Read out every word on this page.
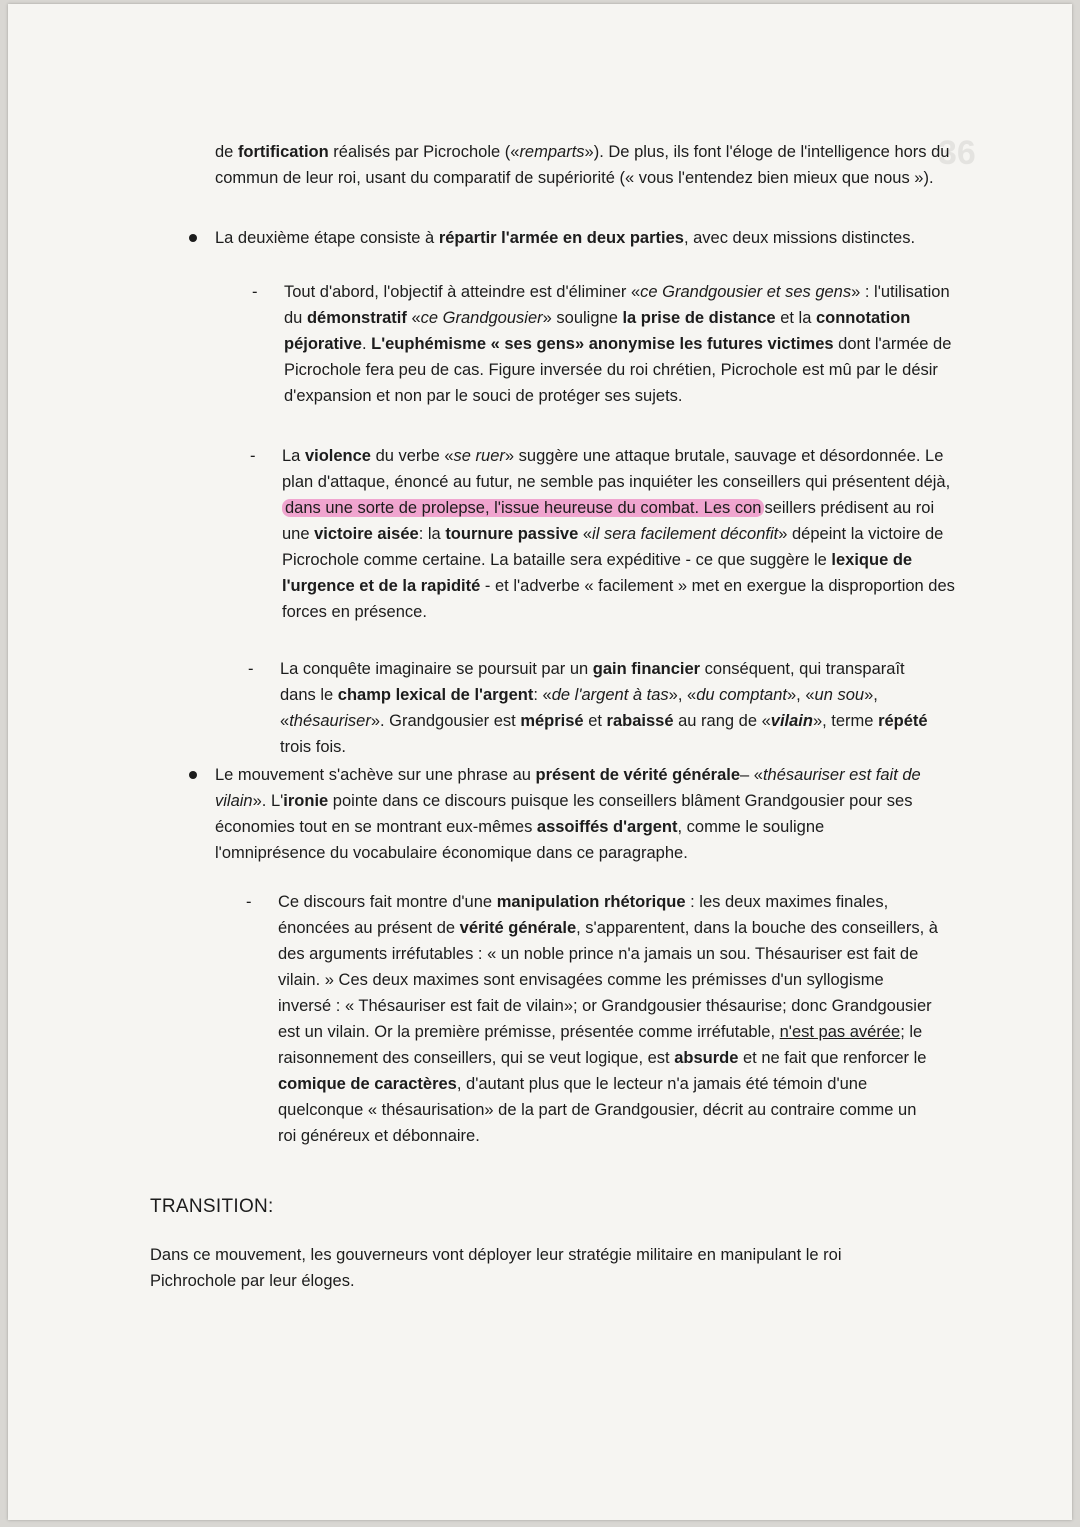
36

de fortification réalisés par Picrochole («remparts»). De plus, ils font l'éloge de l'intelligence hors du commun de leur roi, usant du comparatif de supériorité (« vous l'entendez bien mieux que nous »).

La deuxième étape consiste à répartir l'armée en deux parties, avec deux missions distinctes.

- Tout d'abord, l'objectif à atteindre est d'éliminer «ce Grandgousier et ses gens» : l'utilisation du démonstratif «ce Grandgousier» souligne la prise de distance et la connotation péjorative. L'euphémisme « ses gens» anonymise les futures victimes dont l'armée de Picrochole fera peu de cas. Figure inversée du roi chrétien, Picrochole est mû par le désir d'expansion et non par le souci de protéger ses sujets.

- La violence du verbe «se ruer» suggère une attaque brutale, sauvage et désordonnée. Le plan d'attaque, énoncé au futur, ne semble pas inquiéter les conseillers qui présentent déjà, dans une sorte de prolepse, l'issue heureuse du combat. Les con seillers prédisent au roi une victoire aisée: la tournure passive «il sera facilement déconfit» dépeint la victoire de Picrochole comme certaine. La bataille sera expéditive - ce que suggère le lexique de l'urgence et de la rapidité - et l'adverbe « facilement » met en exergue la disproportion des forces en présence.

- La conquête imaginaire se poursuit par un gain financier conséquent, qui transparaît dans le champ lexical de l'argent: «de l'argent à tas», «du comptant», «un sou», «thésauriser». Grandgousier est méprisé et rabaissé au rang de «vilain», terme répété trois fois.

Le mouvement s'achève sur une phrase au présent de vérité générale– «thésauriser est fait de vilain». L'ironie pointe dans ce discours puisque les conseillers blâment Grandgousier pour ses économies tout en se montrant eux-mêmes assoiffés d'argent, comme le souligne l'omniprésence du vocabulaire économique dans ce paragraphe.

- Ce discours fait montre d'une manipulation rhétorique : les deux maximes finales, énoncées au présent de vérité générale, s'apparentent, dans la bouche des conseillers, à des arguments irréfutables : « un noble prince n'a jamais un sou. Thésauriser est fait de vilain. » Ces deux maximes sont envisagées comme les prémisses d'un syllogisme inversé : « Thésauriser est fait de vilain»; or Grandgousier thésaurise; donc Grandgousier est un vilain. Or la première prémisse, présentée comme irréfutable, n'est pas avérée; le raisonnement des conseillers, qui se veut logique, est absurde et ne fait que renforcer le comique de caractères, d'autant plus que le lecteur n'a jamais été témoin d'une quelconque « thésaurisation» de la part de Grandgousier, décrit au contraire comme un roi généreux et débonnaire.

TRANSITION:

Dans ce mouvement, les gouverneurs vont déployer leur stratégie militaire en manipulant le roi Pichrochole par leur éloges.
